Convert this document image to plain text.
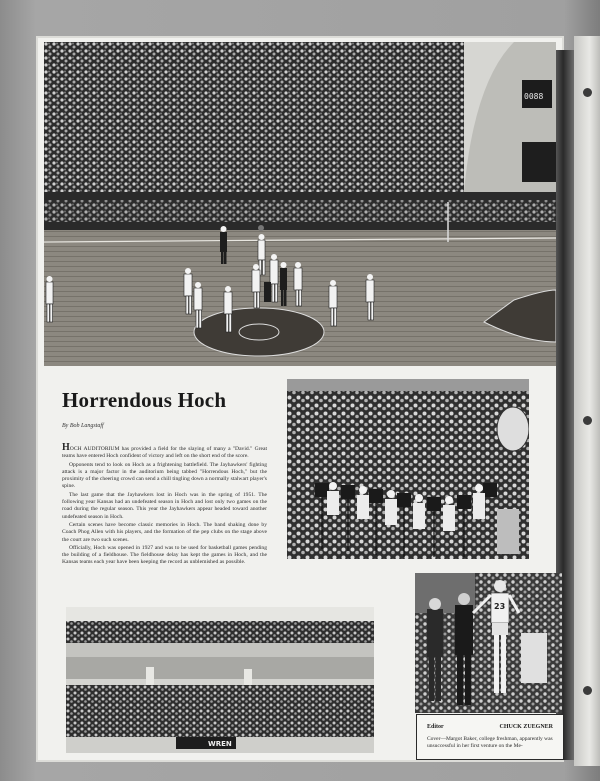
0088
Horrendous Hoch
By Bob Langstaff

HOCH AUDITORIUM has provided a field for the slaying of many a "David." Great teams have entered Hoch confident of victory and left on the short end of the score.

Opponents tend to look on Hoch as a frightening battlefield. The Jayhawkers' fighting attack is a major factor in the auditorium being tabbed "Horrendous Hoch," but the proximity of the cheering crowd can send a chill tingling down a normally stalwart player's spine.

The last game that the Jayhawkers lost in Hoch was in the spring of 1951. The following year Kansas had an undefeated season in Hoch and lost only two games on the road during the regular season. This year the Jayhawkers appear headed toward another undefeated season in Hoch.

Certain scenes have become classic memories in Hoch. The band shaking done by Coach Phog Allen with his players, and the formation of the pep clubs on the stage above the court are two such scenes.

Officially, Hoch was opened in 1927 and was to be used for basketball games pending the building of a fieldhouse. The fieldhouse delay has kept the games in Hoch, and the Kansas teams each year have been keeping the record as unblemished as possible.

WREN
23
Editor	CHUCK ZUEGNER
Cover—Margot Baker, college freshman, apparently was unsuccessful in her first venture on the Me-
